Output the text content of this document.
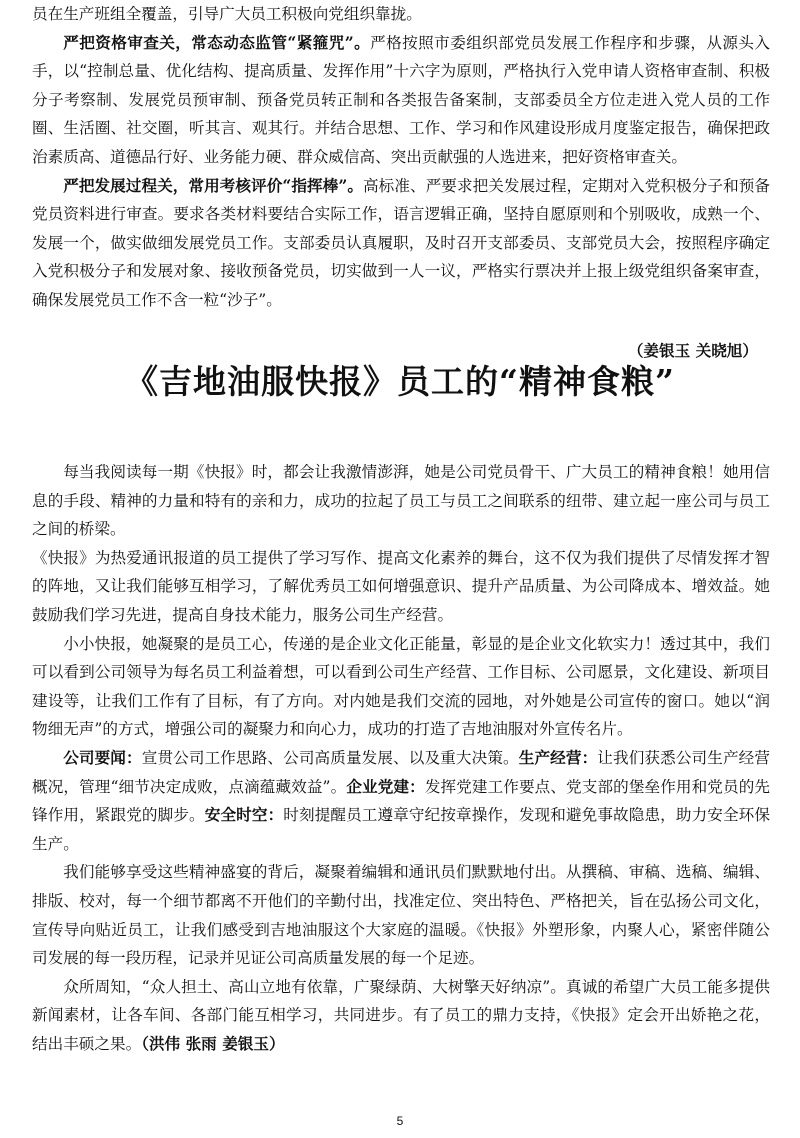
员在生产班组全覆盖，引导广大员工积极向党组织靠拢。

严把资格审查关，常态动态监管“紧箍咒”。严格按照市委组织部党员发展工作程序和步骤，从源头入手，以“控制总量、优化结构、提高质量、发挥作用”十六字为原则，严格执行入党申请人资格审查制、积极分子考察制、发展党员预审制、预备党员转正制和各类报告备案制，支部委员全方位走进入党人员的工作圈、生活圈、社交圈，听其言、观其行。并结合思想、工作、学习和作风建设形成月度鉴定报告，确保把政治素质高、道德品行好、业务能力硬、群众威信高、突出贡献强的人选进来，把好资格审查关。

严把发展过程关，常用考核评价“指挥棒”。高标准、严要求把关发展过程，定期对入党积极分子和预备党员资料进行审查。要求各类材料要结合实际工作，语言逻辑正确，坚持自愿原则和个别吸收，成熟一个、发展一个，做实做细发展党员工作。支部委员认真履职，及时召开支部委员、支部党员大会，按照程序确定入党积极分子和发展对象、接收预备党员，切实做到一人一议，严格实行票决并上报上级党组织备案审查，确保发展党员工作不含一粒“沙子”。

（姜银玉 关晓旭）
《吉地油服快报》员工的“精神食粮”

每当我阅读每一期《快报》时，都会让我激情澎湃，她是公司党员骨干、广大员工的精神食粮！她用信息的手段、精神的力量和特有的亲和力，成功的拉起了员工与员工之间联系的纽带、建立起一座公司与员工之间的桥梁。

《快报》为热爱通讯报道的员工提供了学习写作、提高文化素养的舞台，这不仅为我们提供了尽情发挥才智的阵地，又让我们能够互相学习，了解优秀员工如何增强意识、提升产品质量、为公司降成本、增效益。她鼓励我们学习先进，提高自身技术能力，服务公司生产经营。

小小快报，她凝聚的是员工心，传递的是企业文化正能量，彰显的是企业文化软实力！透过其中，我们可以看到公司领导为每名员工利益着想，可以看到公司生产经营、工作目标、公司愿景，文化建设、新项目建设等，让我们工作有了目标，有了方向。对内她是我们交流的园地，对外她是公司宣传的窗口。她以“润物细无声”的方式，增强公司的凝聚力和向心力，成功的打造了吉地油服对外宣传名片。

公司要闻：宣贯公司工作思路、公司高质量发展、以及重大决策。生产经营：让我们获悉公司生产经营概况，管理“细节决定成败，点滴蕴藏效益”。企业党建：发挥党建工作要点、党支部的堡垒作用和党员的先锋作用，紧跟党的脚步。安全时空：时刻提醒员工遵章守纪按章操作，发现和避免事故隐患，助力安全环保生产。

我们能够享受这些精神盛宴的背后，凝聚着编辑和通讯员们默默地付出。从撰稿、审稿、选稿、编辑、排版、校对，每一个细节都离不开他们的辛勤付出，找准定位、突出特色、严格把关，旨在弘扬公司文化，宣传导向贴近员工，让我们感受到吉地油服这个大家庭的温暖。《快报》外塑形象，内聚人心，紧密伴随公司发展的每一段历程，记录并见证公司高质量发展的每一个足迹。

众所周知，“众人担土、高山立地有依靠，广聚绿荫、大树擎天好纳凉”。真诚的希望广大员工能多提供新闻素材，让各车间、各部门能互相学习，共同进步。有了员工的鼎力支持，《快报》定会开出娇艳之花，结出丰硕之果。（洪伟 张雨 姜银玉）

5
